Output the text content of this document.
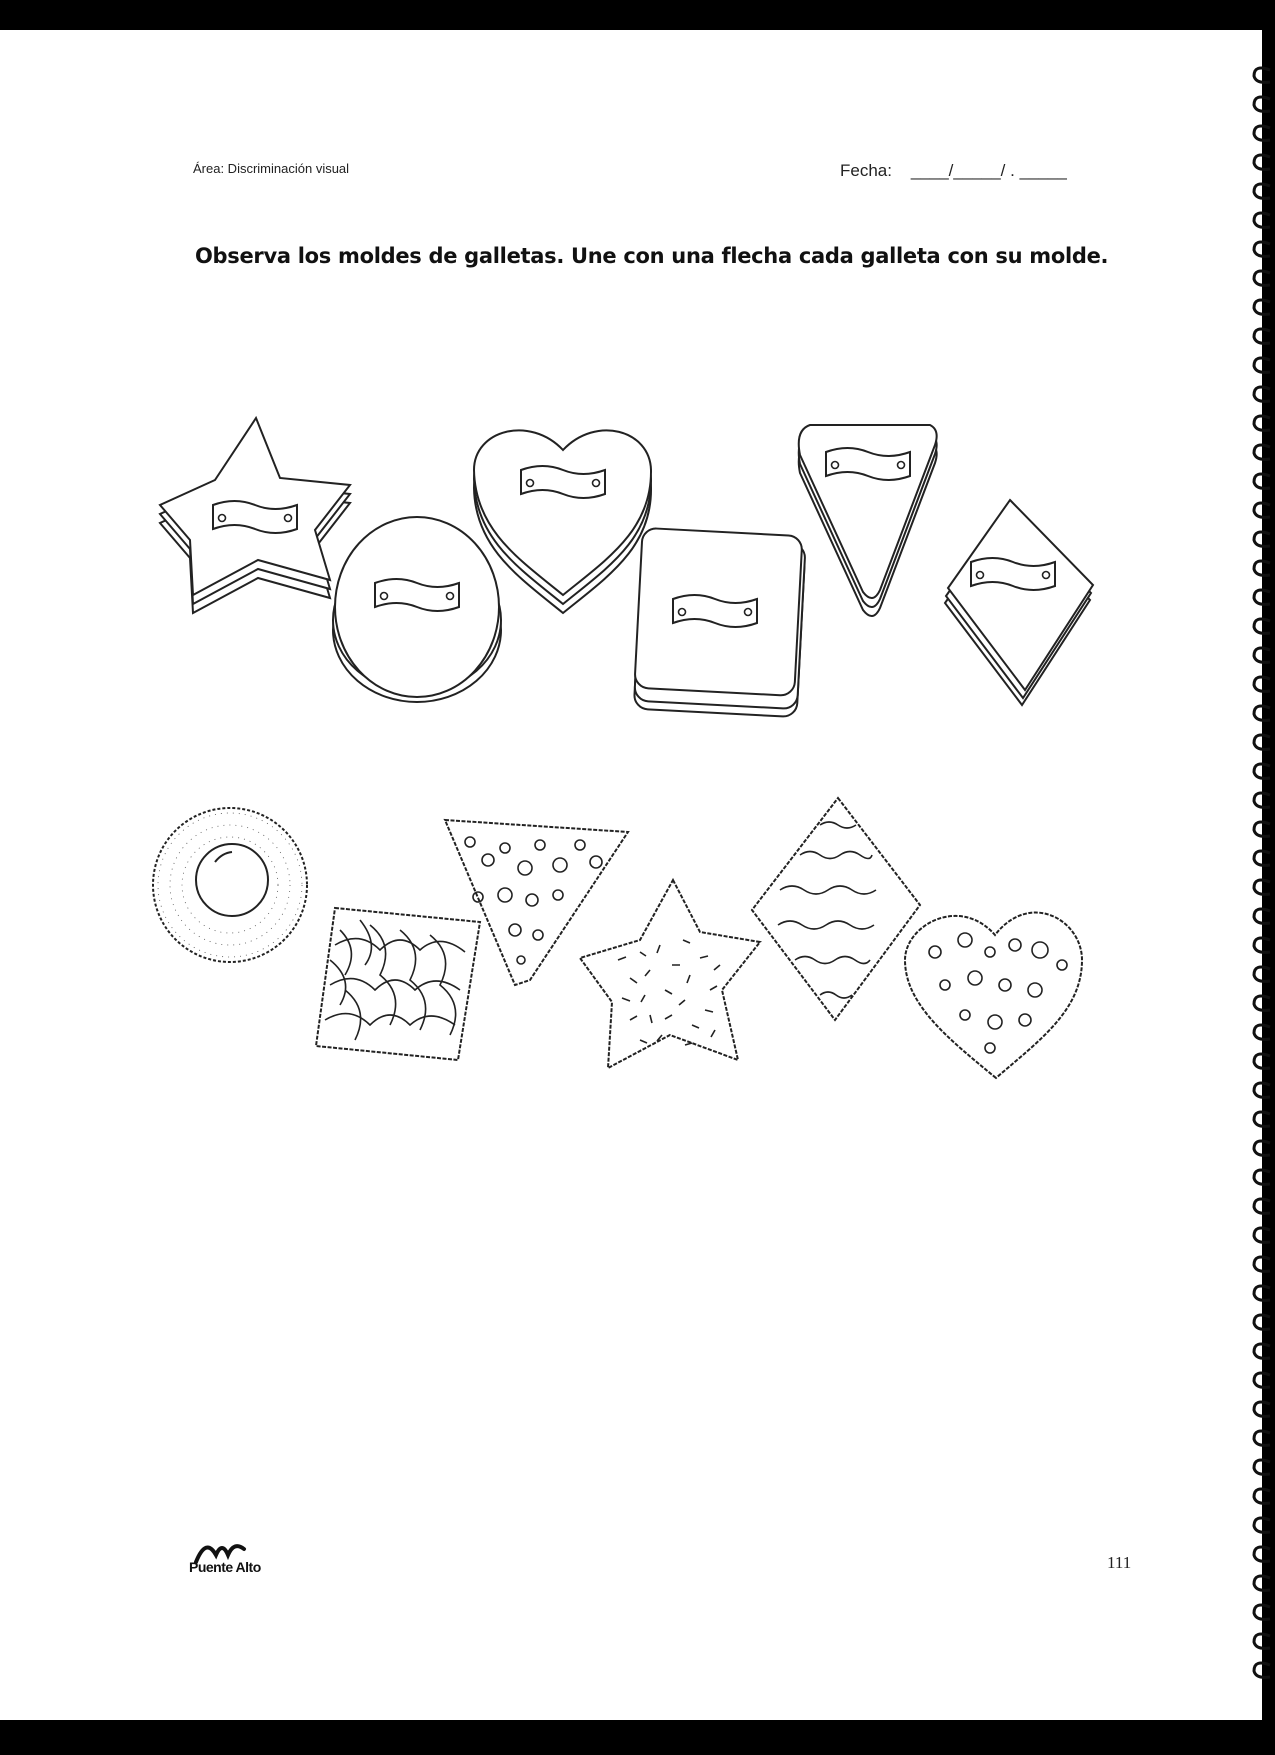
Área: Discriminación visual	Fecha:    ____/_____/ . _____
Observa los moldes de galletas. Une con una flecha cada galleta con su molde.
Puente Alto	111
